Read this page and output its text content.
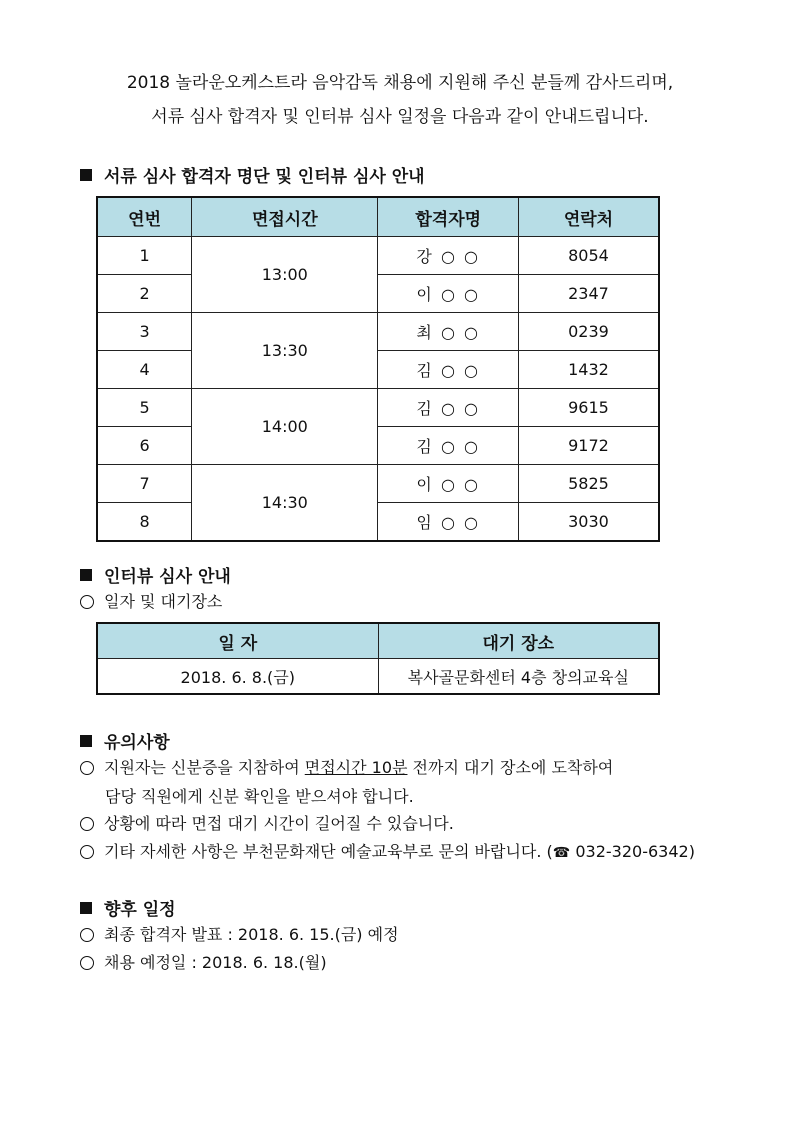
2018 놀라운오케스트라 음악감독 채용에 지원해 주신 분들께 감사드리며,
서류 심사 합격자 및 인터뷰 심사 일정을 다음과 같이 안내드립니다.
서류 심사 합격자 명단 및 인터뷰 심사 안내
연번	면접시간	합격자명	연락처
1	13:00	강 ○ ○	8054
2		이 ○ ○	2347
3	13:30	최 ○ ○	0239
4		김 ○ ○	1432
5	14:00	김 ○ ○	9615
6		김 ○ ○	9172
7	14:30	이 ○ ○	5825
8		임 ○ ○	3030
인터뷰 심사 안내
일자 및 대기장소
일 자	대기 장소
2018. 6. 8.(금)	복사골문화센터 4층 창의교육실
유의사항
지원자는 신분증을 지참하여 면접시간 10분 전까지 대기 장소에 도착하여
담당 직원에게 신분 확인을 받으셔야 합니다.
상황에 따라 면접 대기 시간이 길어질 수 있습니다.
기타 자세한 사항은 부천문화재단 예술교육부로 문의 바랍니다. (☎ 032-320-6342)
향후 일정
최종 합격자 발표 : 2018. 6. 15.(금) 예정
채용 예정일 : 2018. 6. 18.(월)
